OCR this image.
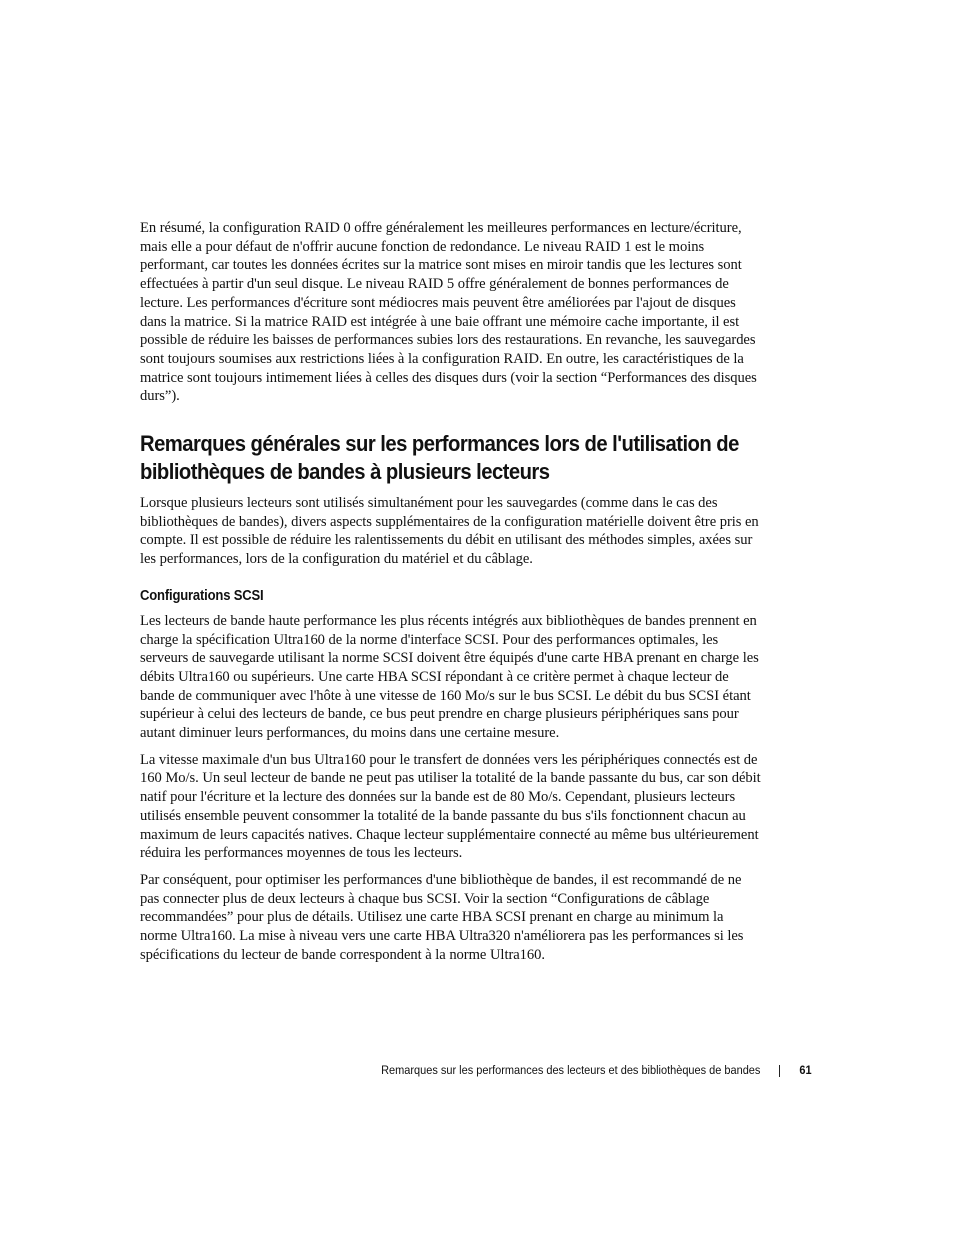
En résumé, la configuration RAID 0 offre généralement les meilleures performances en lecture/écriture, mais elle a pour défaut de n'offrir aucune fonction de redondance. Le niveau RAID 1 est le moins performant, car toutes les données écrites sur la matrice sont mises en miroir tandis que les lectures sont effectuées à partir d'un seul disque. Le niveau RAID 5 offre généralement de bonnes performances de lecture. Les performances d'écriture sont médiocres mais peuvent être améliorées par l'ajout de disques dans la matrice. Si la matrice RAID est intégrée à une baie offrant une mémoire cache importante, il est possible de réduire les baisses de performances subies lors des restaurations. En revanche, les sauvegardes sont toujours soumises aux restrictions liées à la configuration RAID. En outre, les caractéristiques de la matrice sont toujours intimement liées à celles des disques durs (voir la section “Performances des disques durs”).

Remarques générales sur les performances lors de l'utilisation de bibliothèques de bandes à plusieurs lecteurs

Lorsque plusieurs lecteurs sont utilisés simultanément pour les sauvegardes (comme dans le cas des bibliothèques de bandes), divers aspects supplémentaires de la configuration matérielle doivent être pris en compte. Il est possible de réduire les ralentissements du débit en utilisant des méthodes simples, axées sur les performances, lors de la configuration du matériel et du câblage.

Configurations SCSI

Les lecteurs de bande haute performance les plus récents intégrés aux bibliothèques de bandes prennent en charge la spécification Ultra160 de la norme d'interface SCSI. Pour des performances optimales, les serveurs de sauvegarde utilisant la norme SCSI doivent être équipés d'une carte HBA prenant en charge les débits Ultra160 ou supérieurs. Une carte HBA SCSI répondant à ce critère permet à chaque lecteur de bande de communiquer avec l'hôte à une vitesse de 160 Mo/s sur le bus SCSI. Le débit du bus SCSI étant supérieur à celui des lecteurs de bande, ce bus peut prendre en charge plusieurs périphériques sans pour autant diminuer leurs performances, du moins dans une certaine mesure.

La vitesse maximale d'un bus Ultra160 pour le transfert de données vers les périphériques connectés est de 160 Mo/s. Un seul lecteur de bande ne peut pas utiliser la totalité de la bande passante du bus, car son débit natif pour l'écriture et la lecture des données sur la bande est de 80 Mo/s. Cependant, plusieurs lecteurs utilisés ensemble peuvent consommer la totalité de la bande passante du bus s'ils fonctionnent chacun au maximum de leurs capacités natives. Chaque lecteur supplémentaire connecté au même bus ultérieurement réduira les performances moyennes de tous les lecteurs.

Par conséquent, pour optimiser les performances d'une bibliothèque de bandes, il est recommandé de ne pas connecter plus de deux lecteurs à chaque bus SCSI. Voir la section “Configurations de câblage recommandées” pour plus de détails. Utilisez une carte HBA SCSI prenant en charge au minimum la norme Ultra160. La mise à niveau vers une carte HBA Ultra320 n'améliorera pas les performances si les spécifications du lecteur de bande correspondent à la norme Ultra160.

Remarques sur les performances des lecteurs et des bibliothèques de bandes	61
